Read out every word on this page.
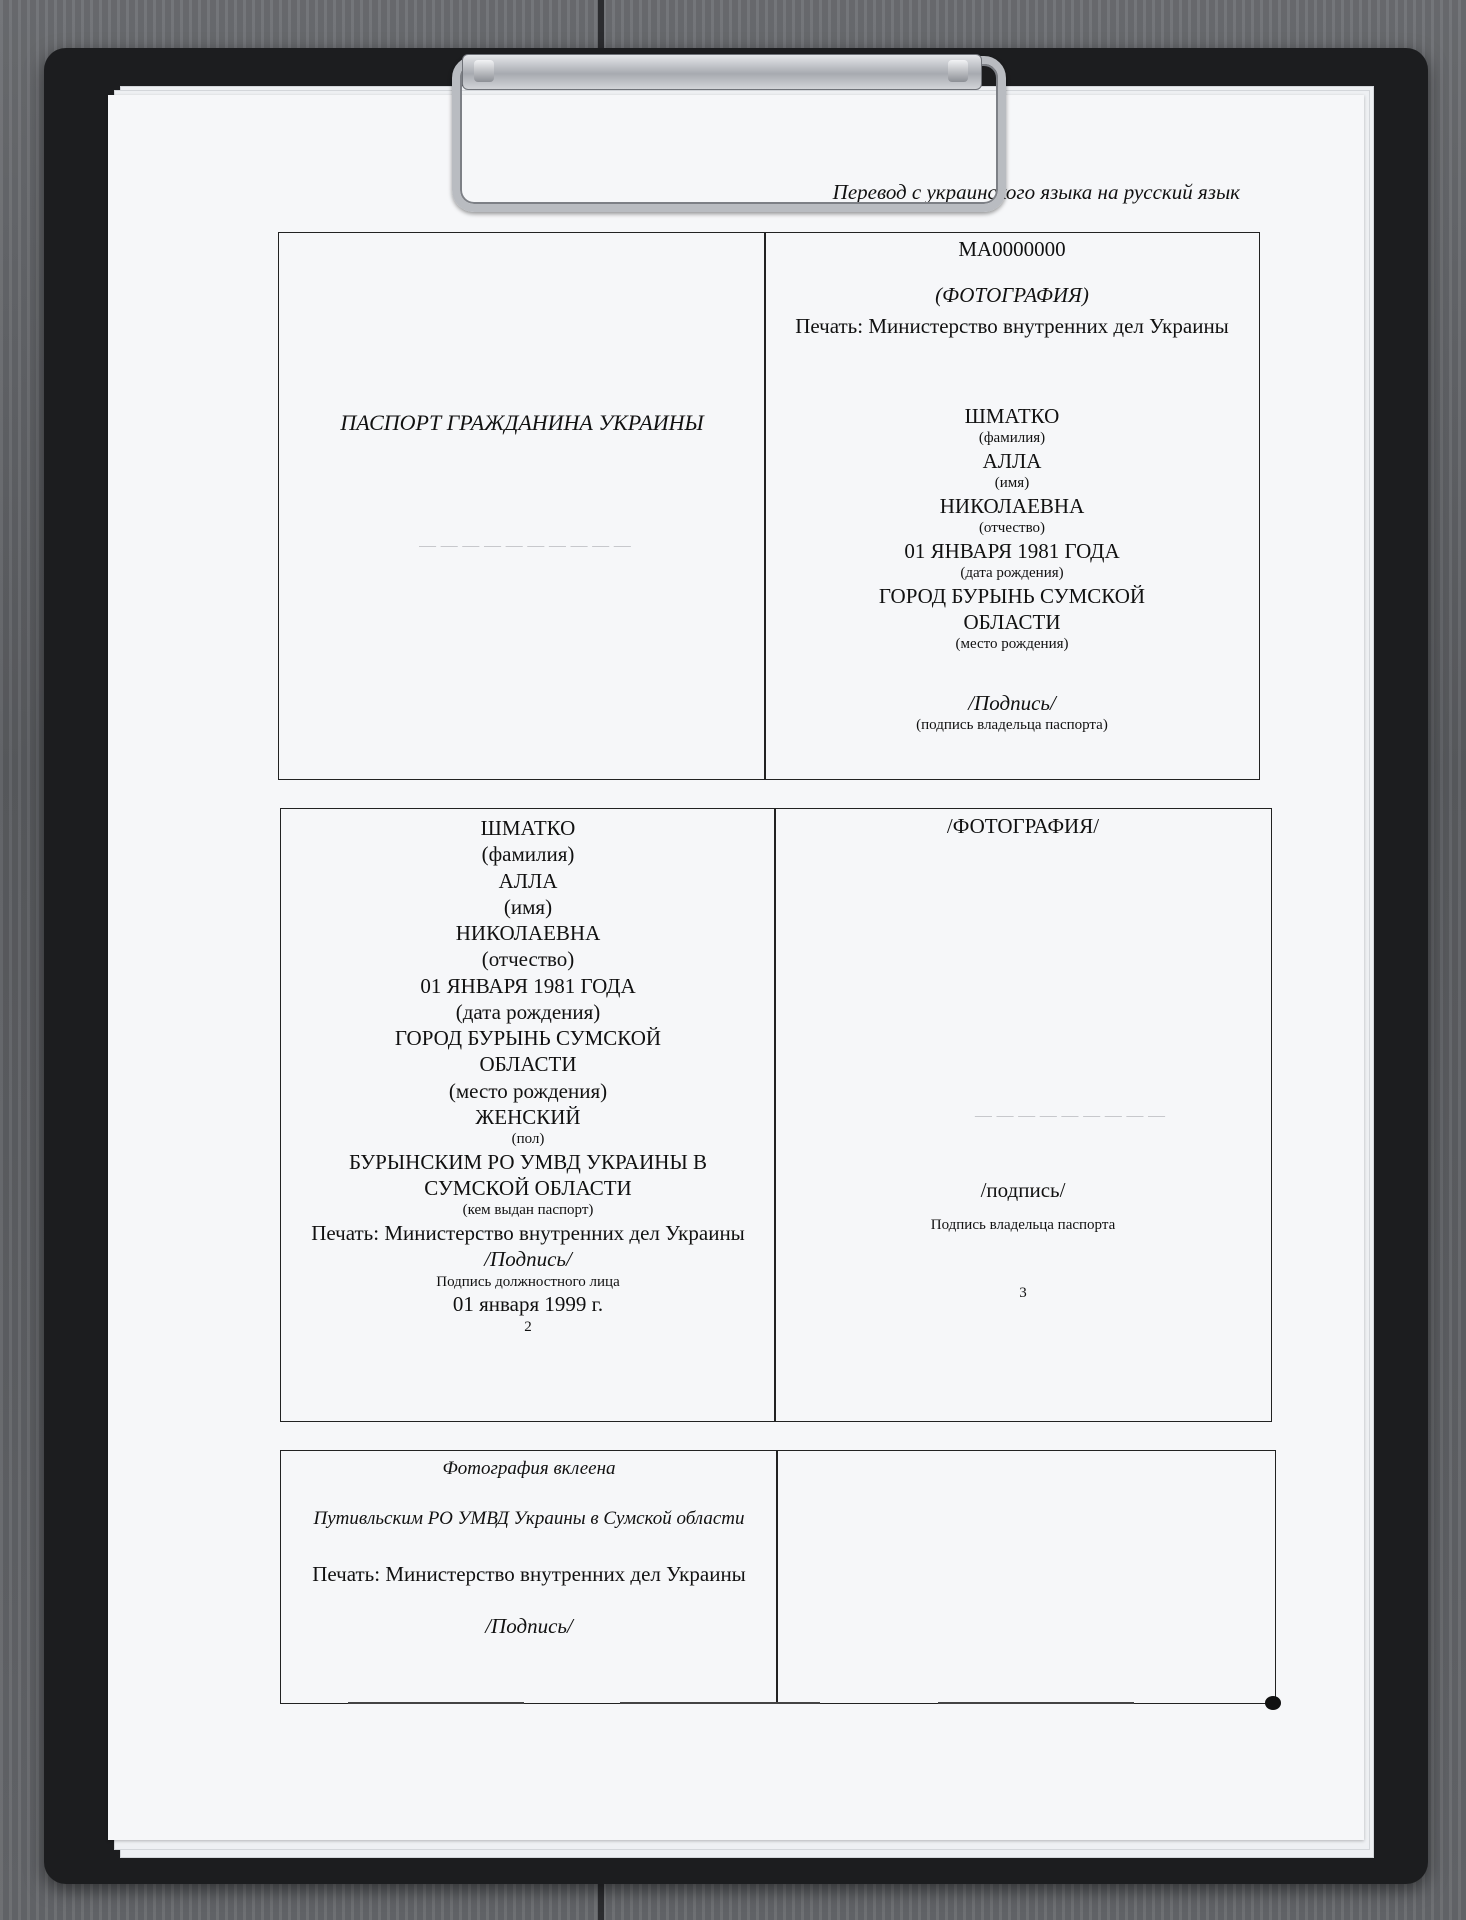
— — — — — — — — — —
— — — — — — — — —
Перевод с украинского языка на русский язык

ПАСПОРТ ГРАЖДАНИНА УКРАИНЫ

МА0000000

(ФОТОГРАФИЯ)

Печать: Министерство внутренних дел Украины

ШМАТКО

(фамилия)

АЛЛА

(имя)

НИКОЛАЕВНА

(отчество)

01 ЯНВАРЯ 1981 ГОДА

(дата рождения)

ГОРОД БУРЫНЬ СУМСКОЙ ОБЛАСТИ

(место рождения)

/Подпись/

(подпись владельца паспорта)

ШМАТКО

(фамилия)

АЛЛА

(имя)

НИКОЛАЕВНА

(отчество)

01 ЯНВАРЯ 1981 ГОДА

(дата рождения)

ГОРОД БУРЫНЬ СУМСКОЙ ОБЛАСТИ

(место рождения)

ЖЕНСКИЙ

(пол)

БУРЫНСКИМ РО УМВД УКРАИНЫ В СУМСКОЙ ОБЛАСТИ

(кем выдан паспорт)

Печать: Министерство внутренних дел Украины

/Подпись/

Подпись должностного лица

01 января 1999 г.

2

/ФОТОГРАФИЯ/

/подпись/

Подпись владельца паспорта

3

Фотография вклеена

Путивльским РО УМВД Украины в Сумской области

Печать: Министерство внутренних дел Украины

/Подпись/
